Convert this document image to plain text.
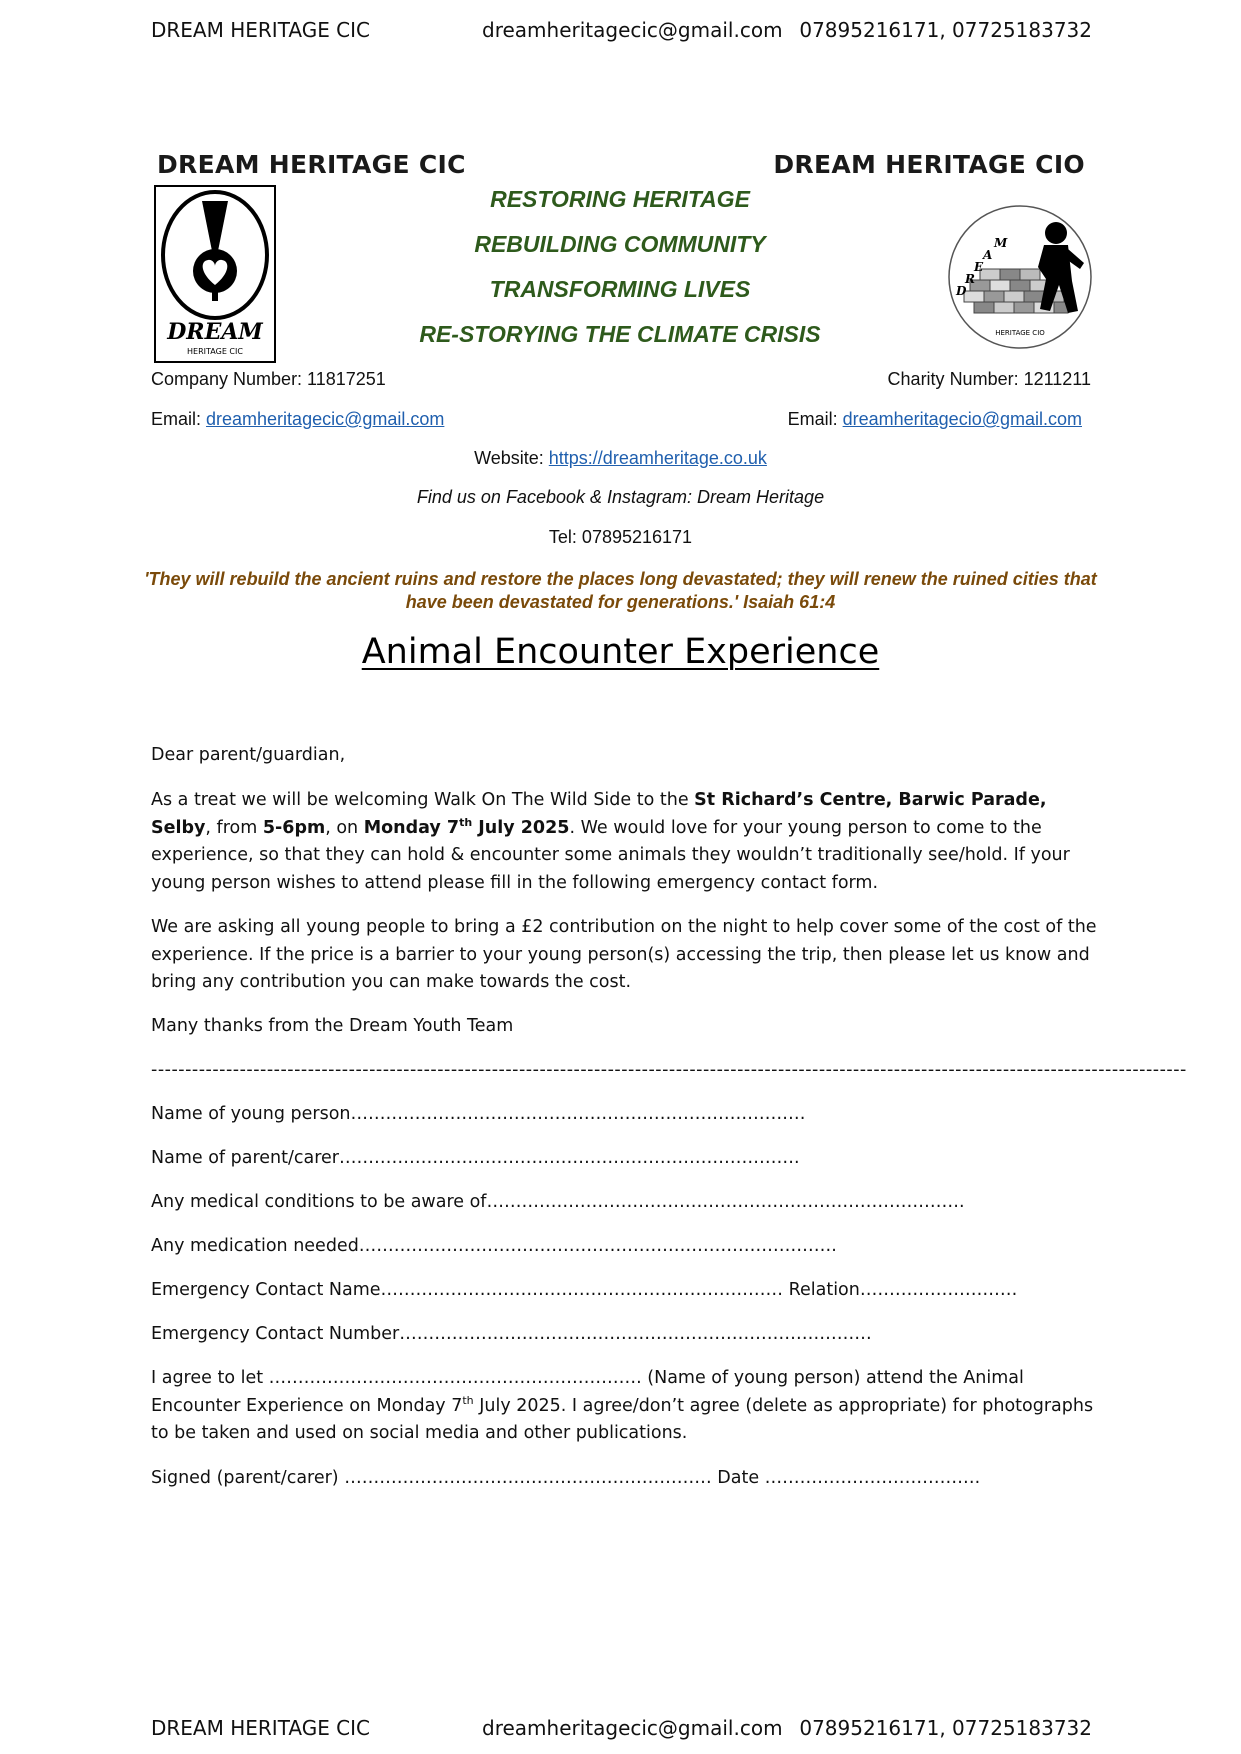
DREAM HERITAGE CIC	dreamheritagecic@gmail.com 07895216171, 07725183732
DREAM HERITAGE CIC	DREAM HERITAGE CIO
DREAM
HERITAGE CIC
RESTORING HERITAGE
REBUILDING COMMUNITY
TRANSFORMING LIVES
RE-STORYING THE CLIMATE CRISIS
D
R
E
A
M
HERITAGE CIO
Company Number: 11817251	Charity Number: 1211211
Email: dreamheritagecic@gmail.com	Email: dreamheritagecio@gmail.com
Website: https://dreamheritage.co.uk
Find us on Facebook & Instagram: Dream Heritage
Tel: 07895216171
'They will rebuild the ancient ruins and restore the places long devastated; they will renew the ruined cities that have been devastated for generations.' Isaiah 61:4
Animal Encounter Experience

Dear parent/guardian,

As a treat we will be welcoming Walk On The Wild Side to the St Richard’s Centre, Barwic Parade, Selby, from 5-6pm, on Monday 7th July 2025. We would love for your young person to come to the experience, so that they can hold & encounter some animals they wouldn’t traditionally see/hold. If your young person wishes to attend please fill in the following emergency contact form.

We are asking all young people to bring a £2 contribution on the night to help cover some of the cost of the experience. If the price is a barrier to your young person(s) accessing the trip, then please let us know and bring any contribution you can make towards the cost.

Many thanks from the Dream Youth Team

--------------------------------------------------------------------------------------------------------------------------------------------------------

Name of young person……………………………………………………………………

Name of parent/carer…………………………………………………………………….

Any medical conditions to be aware of……………………………………………………………………….

Any medication needed……………………………………………………………………….

Emergency Contact Name…………………………………………………………… Relation………………………

Emergency Contact Number………………………………………………………………………

I agree to let ………………………………………………………. (Name of young person) attend the Animal Encounter Experience on Monday 7th July 2025. I agree/don’t agree (delete as appropriate) for photographs to be taken and used on social media and other publications.

Signed (parent/carer) ……………………………………………………… Date ……………………………….

DREAM HERITAGE CIC	dreamheritagecic@gmail.com 07895216171, 07725183732
